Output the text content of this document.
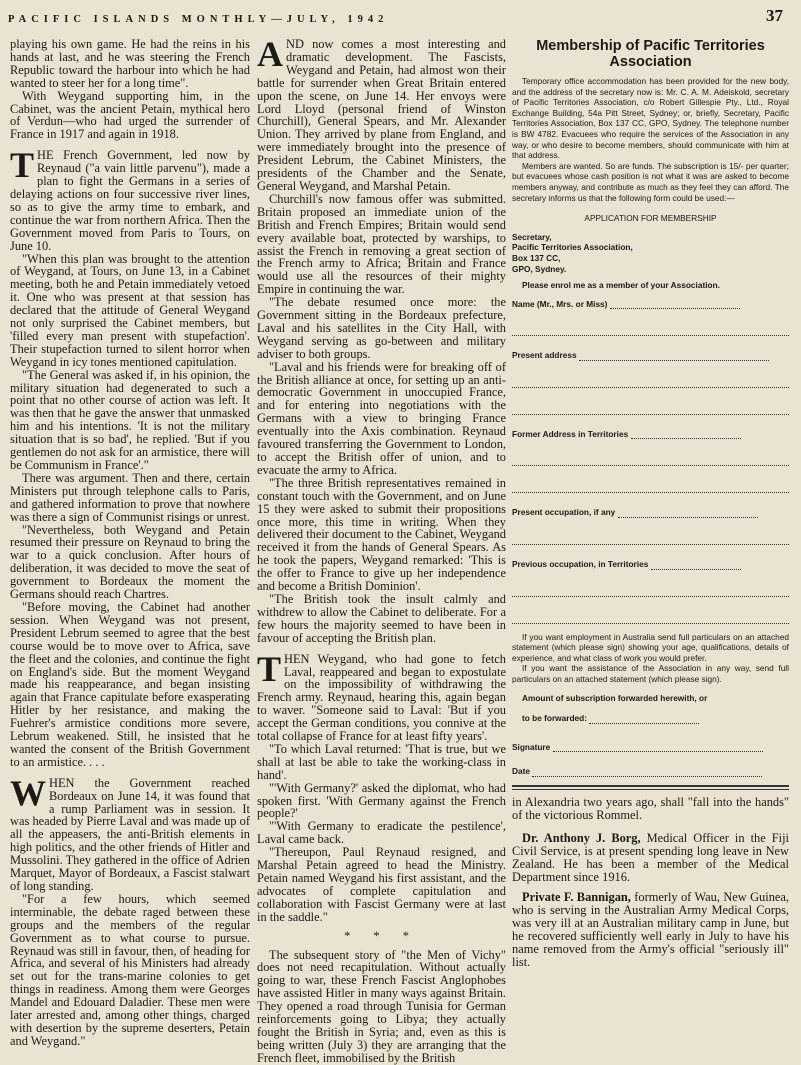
PACIFIC ISLANDS MONTHLY—JULY, 1942	37

playing his own game. He had the reins in his hands at last, and he was steering the French Republic toward the harbour into which he had wanted to steer her for a long time".

With Weygand supporting him, in the Cabinet, was the ancient Petain, mythical hero of Verdun—who had urged the surrender of France in 1917 and again in 1918.

THE French Government, led now by Reynaud ("a vain little parvenu"), made a plan to fight the Germans in a series of delaying actions on four successive river lines, so as to give the army time to embark, and continue the war from northern Africa. Then the Government moved from Paris to Tours, on June 10.

"When this plan was brought to the attention of Weygand, at Tours, on June 13, in a Cabinet meeting, both he and Petain immediately vetoed it. One who was present at that session has declared that the attitude of General Weygand not only surprised the Cabinet members, but 'filled every man present with stupefaction'. Their stupefaction turned to silent horror when Weygand in icy tones mentioned capitulation.

"The General was asked if, in his opinion, the military situation had degenerated to such a point that no other course of action was left. It was then that he gave the answer that unmasked him and his intentions. 'It is not the military situation that is so bad', he replied. 'But if you gentlemen do not ask for an armistice, there will be Communism in France'."

There was argument. Then and there, certain Ministers put through telephone calls to Paris, and gathered information to prove that nowhere was there a sign of Communist risings or unrest.

"Nevertheless, both Weygand and Petain resumed their pressure on Reynaud to bring the war to a quick conclusion. After hours of deliberation, it was decided to move the seat of government to Bordeaux the moment the Germans should reach Chartres.

"Before moving, the Cabinet had another session. When Weygand was not present, President Lebrum seemed to agree that the best course would be to move over to Africa, save the fleet and the colonies, and continue the fight on England's side. But the moment Weygand made his reappearance, and began insisting again that France capitulate before exasperating Hitler by her resistance, and making the Fuehrer's armistice conditions more severe, Lebrum weakened. Still, he insisted that he wanted the consent of the British Government to an armistice. . . .

WHEN the Government reached Bordeaux on June 14, it was found that a rump Parliament was in session. It was headed by Pierre Laval and was made up of all the appeasers, the anti-British elements in high politics, and the other friends of Hitler and Mussolini. They gathered in the office of Adrien Marquet, Mayor of Bordeaux, a Fascist stalwart of long standing.

"For a few hours, which seemed interminable, the debate raged between these groups and the members of the regular Government as to what course to pursue. Reynaud was still in favour, then, of heading for Africa, and several of his Ministers had already set out for the trans-marine colonies to get things in readiness. Among them were Georges Mandel and Edouard Daladier. These men were later arrested and, among other things, charged with desertion by the supreme deserters, Petain and Weygand."

AND now comes a most interesting and dramatic development. The Fascists, Weygand and Petain, had almost won their battle for surrender when Great Britain entered upon the scene, on June 14. Her envoys were Lord Lloyd (personal friend of Winston Churchill), General Spears, and Mr. Alexander Union. They arrived by plane from England, and were immediately brought into the presence of President Lebrum, the Cabinet Ministers, the presidents of the Chamber and the Senate, General Weygand, and Marshal Petain.

Churchill's now famous offer was submitted. Britain proposed an immediate union of the British and French Empires; Britain would send every available boat, protected by warships, to assist the French in removing a great section of the French army to Africa; Britain and France would use all the resources of their mighty Empire in continuing the war.

"The debate resumed once more: the Government sitting in the Bordeaux prefecture, Laval and his satellites in the City Hall, with Weygand serving as go-between and military adviser to both groups.

"Laval and his friends were for breaking off of the British alliance at once, for setting up an anti-democratic Government in unoccupied France, and for entering into negotiations with the Germans with a view to bringing France eventually into the Axis combination. Reynaud favoured transferring the Government to London, to accept the British offer of union, and to evacuate the army to Africa.

"The three British representatives remained in constant touch with the Government, and on June 15 they were asked to submit their propositions once more, this time in writing. When they delivered their document to the Cabinet, Weygand received it from the hands of General Spears. As he took the papers, Weygand remarked: 'This is the offer to France to give up her independence and become a British Dominion'.

"The British took the insult calmly and withdrew to allow the Cabinet to deliberate. For a few hours the majority seemed to have been in favour of accepting the British plan.

THEN Weygand, who had gone to fetch Laval, reappeared and began to expostulate on the impossibility of withdrawing the French army. Reynaud, hearing this, again began to waver. "Someone said to Laval: 'But if you accept the German conditions, you connive at the total collapse of France for at least fifty years'.

"To which Laval returned: 'That is true, but we shall at last be able to take the working-class in hand'.

"'With Germany?' asked the diplomat, who had spoken first. 'With Germany against the French people?'

"'With Germany to eradicate the pestilence', Laval came back.

"Thereupon, Paul Reynaud resigned, and Marshal Petain agreed to head the Ministry. Petain named Weygand his first assistant, and the advocates of complete capitulation and collaboration with Fascist Germany were at last in the saddle."

* * *

The subsequent story of "the Men of Vichy" does not need recapitulation. Without actually going to war, these French Fascist Anglophobes have assisted Hitler in many ways against Britain. They opened a road through Tunisia for German reinforcements going to Libya; they actually fought the British in Syria; and, even as this is being written (July 3) they are arranging that the French fleet, immobilised by the British

Membership of Pacific Territories
Association

Temporary office accommodation has been provided for the new body, and the address of the secretary now is: Mr. C. A. M. Adeiskold, secretary of Pacific Territories Association, c/o Robert Gillespie Pty., Ltd., Royal Exchange Building, 54a Pitt Street, Sydney; or, briefly, Secretary, Pacific Territories Association, Box 137 CC, GPO, Sydney. The telephone number is BW 4782. Evacuees who require the services of the Association in any way, or who desire to become members, should communicate with him at that address.

Members are wanted. So are funds. The subscription is 15/- per quarter; but evacuees whose cash position is not what it was are asked to become members anyway, and contribute as much as they feel they can afford. The secretary informs us that the following form could be used:—

APPLICATION FOR MEMBERSHIP

Secretary,
Pacific Territories Association,
Box 137 CC,
GPO, Sydney.

Please enrol me as a member of your Association.

Name (Mr., Mrs. or Miss)
Present address
Former Address in Territories
Present occupation, if any
Previous occupation, in Territories

If you want employment in Australia send full particulars on an attached statement (which please sign) showing your age, qualifications, details of experience, and what class of work you would prefer.

If you want the assistance of the Association in any way, send full particulars on an attached statement (which please sign).

Amount of subscription forwarded herewith, or

to be forwarded:
Signature
Date

in Alexandria two years ago, shall "fall into the hands" of the victorious Rommel.

Dr. Anthony J. Borg, Medical Officer in the Fiji Civil Service, is at present spending long leave in New Zealand. He has been a member of the Medical Department since 1916.

Private F. Bannigan, formerly of Wau, New Guinea, who is serving in the Australian Army Medical Corps, was very ill at an Australian military camp in June, but he recovered sufficiently well early in July to have his name removed from the Army's official "seriously ill" list.
